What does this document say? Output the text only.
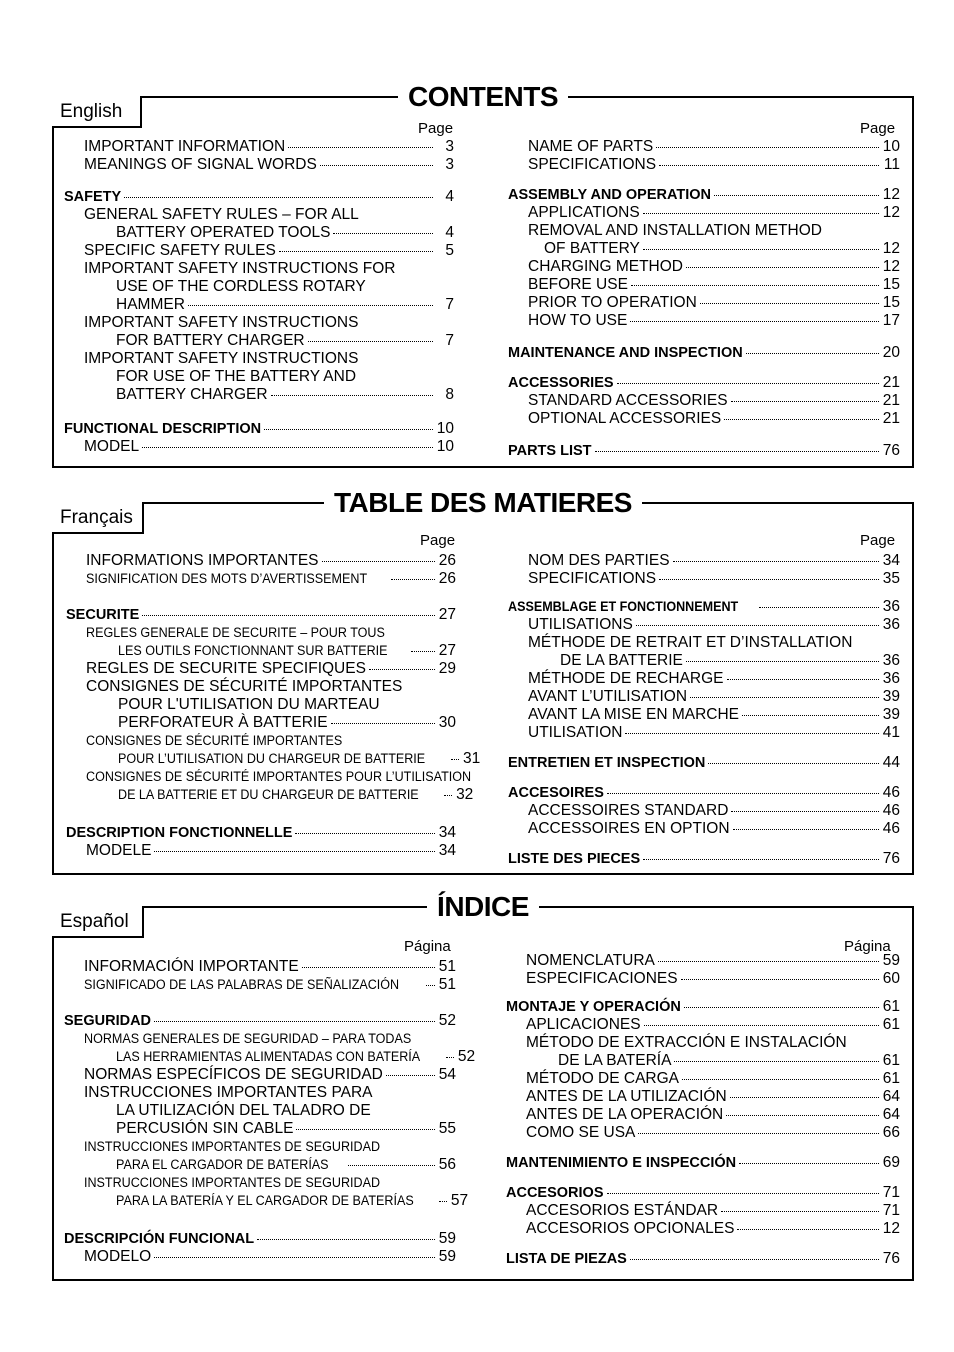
CONTENTS
English
Page	Page
IMPORTANT INFORMATION	3
MEANINGS OF SIGNAL WORDS	3
SAFETY	4
GENERAL SAFETY RULES – FOR ALL
BATTERY OPERATED TOOLS	4
SPECIFIC SAFETY RULES	5
IMPORTANT SAFETY INSTRUCTIONS FOR
USE OF THE CORDLESS ROTARY
HAMMER	7
IMPORTANT SAFETY INSTRUCTIONS
FOR BATTERY CHARGER	7
IMPORTANT SAFETY INSTRUCTIONS
FOR USE OF THE BATTERY AND
BATTERY CHARGER	8
FUNCTIONAL DESCRIPTION	10
MODEL	10
NAME OF PARTS	10
SPECIFICATIONS	11
ASSEMBLY AND OPERATION	12
APPLICATIONS	12
REMOVAL AND INSTALLATION METHOD
OF BATTERY	12
CHARGING METHOD	12
BEFORE USE	15
PRIOR TO OPERATION	15
HOW TO USE	17
MAINTENANCE AND INSPECTION	20
ACCESSORIES	21
STANDARD ACCESSORIES	21
OPTIONAL ACCESSORIES	21
PARTS LIST	76
TABLE DES MATIERES
Français
Page	Page
INFORMATIONS IMPORTANTES	26
SIGNIFICATION DES MOTS D’AVERTISSEMENT	26
SECURITE	27
REGLES GENERALE DE SECURITE – POUR TOUS
LES OUTILS FONCTIONNANT SUR BATTERIE	27
REGLES DE SECURITE SPECIFIQUES	29
CONSIGNES DE SÉCURITÉ IMPORTANTES
POUR L'UTILISATION DU MARTEAU
PERFORATEUR À BATTERIE	30
CONSIGNES DE SÉCURITÉ IMPORTANTES
POUR L’UTILISATION DU CHARGEUR DE BATTERIE 31
CONSIGNES DE SÉCURITÉ IMPORTANTES POUR L’UTILISATION
DE LA BATTERIE ET DU CHARGEUR DE BATTERIE 32
DESCRIPTION FONCTIONNELLE	34
MODELE	34
NOM DES PARTIES	34
SPECIFICATIONS	35
ASSEMBLAGE ET FONCTIONNEMENT	36
UTILISATIONS	36
MÉTHODE DE RETRAIT ET D’INSTALLATION
DE LA BATTERIE	36
MÉTHODE DE RECHARGE	36
AVANT L’UTILISATION	39
AVANT LA MISE EN MARCHE	39
UTILISATION	41
ENTRETIEN ET INSPECTION	44
ACCESOIRES	46
ACCESSOIRES STANDARD	46
ACCESSOIRES EN OPTION	46
LISTE DES PIECES	76
ÍNDICE
Español
Página	Página
INFORMACIÓN IMPORTANTE	51
SIGNIFICADO DE LAS PALABRAS DE SEÑALIZACIÓN	51
SEGURIDAD	52
NORMAS GENERALES DE SEGURIDAD – PARA TODAS
LAS HERRAMIENTAS ALIMENTADAS CON BATERÍA 52
NORMAS ESPECÍFICOS DE SEGURIDAD	54
INSTRUCCIONES IMPORTANTES PARA
LA UTILIZACIÓN DEL TALADRO DE
PERCUSIÓN SIN CABLE	55
INSTRUCCIONES IMPORTANTES DE SEGURIDAD
PARA EL CARGADOR DE BATERÍAS	56
INSTRUCCIONES IMPORTANTES DE SEGURIDAD
PARA LA BATERÍA Y EL CARGADOR DE BATERÍAS 57
DESCRIPCIÓN FUNCIONAL	59
MODELO	59
NOMENCLATURA	59
ESPECIFICACIONES	60
MONTAJE Y OPERACIÓN	61
APLICACIONES	61
MÉTODO DE EXTRACCIÓN E INSTALACIÓN
DE LA BATERÍA	61
MÉTODO DE CARGA	61
ANTES DE LA UTILIZACIÓN	64
ANTES DE LA OPERACIÓN	64
COMO SE USA	66
MANTENIMIENTO E INSPECCIÓN	69
ACCESORIOS	71
ACCESORIOS ESTÁNDAR	71
ACCESORIOS OPCIONALES	12
LISTA DE PIEZAS	76
